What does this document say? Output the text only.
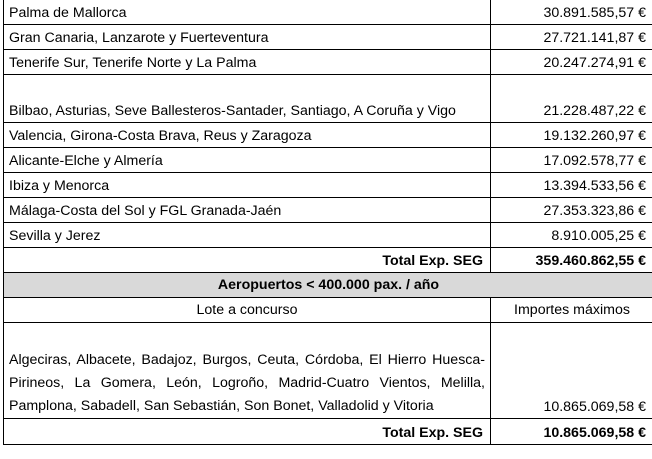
Palma de Mallorca	30.891.585,57 €
Gran Canaria, Lanzarote y Fuerteventura	27.721.141,87 €
Tenerife Sur, Tenerife Norte y La Palma	20.247.274,91 €
Bilbao, Asturias, Seve Ballesteros-Santader, Santiago, A Coruña y Vigo	21.228.487,22 €
Valencia, Girona-Costa Brava, Reus y Zaragoza	19.132.260,97 €
Alicante-Elche y Almería	17.092.578,77 €
Ibiza y Menorca	13.394.533,56 €
Málaga-Costa del Sol y FGL Granada-Jaén	27.353.323,86 €
Sevilla y Jerez	8.910.005,25 €
Total Exp. SEG	359.460.862,55 €
Aeropuertos < 400.000 pax. / año	
Lote a concurso	Importes máximos
Algeciras, Albacete, Badajoz, Burgos, Ceuta, Córdoba, El Hierro Huesca-Pirineos, La Gomera, León, Logroño, Madrid-Cuatro Vientos, Melilla, Pamplona, Sabadell, San Sebastián, Son Bonet, Valladolid y Vitoria	10.865.069,58 €
Total Exp. SEG	10.865.069,58 €
